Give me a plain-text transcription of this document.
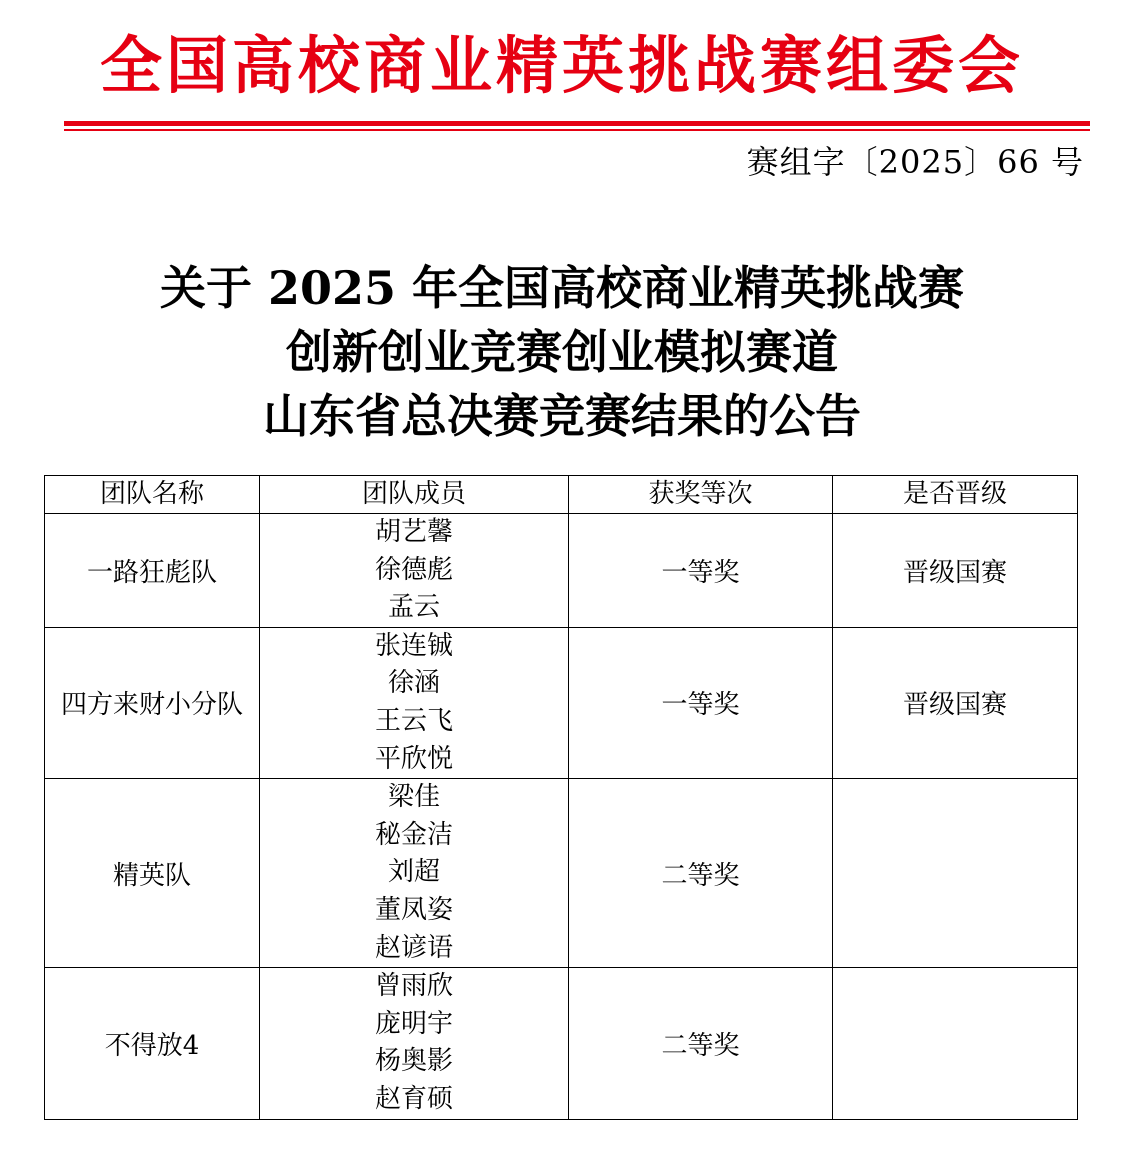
全国高校商业精英挑战赛组委会
赛组字〔2025〕66 号
关于 2025 年全国高校商业精英挑战赛
创新创业竞赛创业模拟赛道
山东省总决赛竞赛结果的公告
团队名称	团队成员	获奖等次	是否晋级
一路狂彪队	胡艺馨
徐德彪
孟云	一等奖	晋级国赛
四方来财小分队	张连铖
徐涵
王云飞
平欣悦	一等奖	晋级国赛
精英队	梁佳
秘金洁
刘超
董凤姿
赵谚语	二等奖	
不得放4	曾雨欣
庞明宇
杨奥影
赵育硕	二等奖	
